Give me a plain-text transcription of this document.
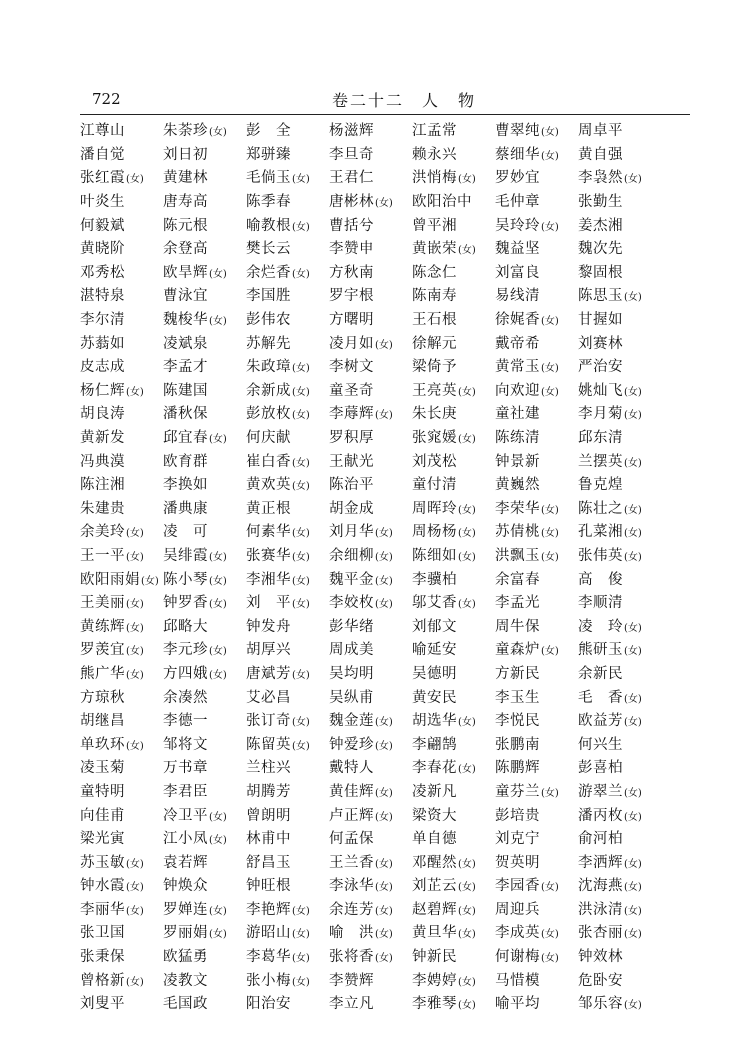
722	卷二十二 人　物
江尊山	朱荼珍(女)	彭　全	杨滋辉	江孟常	曹翠纯(女)	周卓平
潘自觉	刘日初	郑骈臻	李旦奇	赖永兴	蔡细华(女)	黄自强
张红霞(女)	黄建林	毛倘玉(女)	王君仁	洪悄梅(女)	罗妙宜	李袅然(女)
叶炎生	唐寿高	陈季春	唐彬林(女)	欧阳治中	毛仲章	张勤生
何毅斌	陈元根	喻教根(女)	曹括兮	曾平湘	吴玲玲(女)	姜杰湘
黄晓阶	余登高	樊长云	李赞申	黄嵌荣(女)	魏益坚	魏次先
邓秀松	欧旱辉(女)	余烂香(女)	方秋南	陈念仁	刘富良	黎固根
湛特泉	曹泳宜	李国胜	罗宇根	陈南寿	易线清	陈思玉(女)
李尔清	魏梭华(女)	彭伟农	方曙明	王石根	徐娓香(女)	甘握如
苏蓊如	凌斌泉	苏解先	凌月如(女)	徐解元	戴帝希	刘赛林
皮志成	李孟才	朱政璋(女)	李树文	梁倚予	黄常玉(女)	严治安
杨仁辉(女)	陈建国	余新成(女)	童圣奇	王亮英(女)	向欢迎(女)	姚灿飞(女)
胡良涛	潘秋保	彭放枚(女)	李蓐辉(女)	朱长庚	童社建	李月菊(女)
黄新发	邱宜春(女)	何庆献	罗积厚	张窕媛(女)	陈练清	邱东清
冯典漠	欧育群	崔白香(女)	王献光	刘茂松	钟景新	兰摆英(女)
陈注湘	李换如	黄欢英(女)	陈治平	童付清	黄巍然	鲁克煌
朱建贵	潘典康	黄正根	胡金成	周晖玲(女)	李荣华(女)	陈壮之(女)
余美玲(女)	凌　可	何素华(女)	刘月华(女)	周杨杨(女)	苏倩桃(女)	孔菜湘(女)
王一平(女)	吴绯霞(女)	张赛华(女)	余细柳(女)	陈细如(女)	洪飘玉(女)	张伟英(女)
欧阳雨娟(女) 陈小琴(女)	李湘华(女)	魏平金(女)	李骥柏	余富春	高　俊
王美丽(女)	钟罗香(女)	刘　平(女)	李姣枚(女)	邬艾香(女)	李孟光	李顺清
黄练辉(女)	邱略大	钟发舟	彭华绪	刘郁文	周牛保	凌　玲(女)
罗羡宜(女)	李元珍(女)	胡厚兴	周成美	喻延安	童森炉(女)	熊研玉(女)
熊广华(女)	方四娥(女)	唐斌芳(女)	吴均明	吴德明	方新民	余新民
方琼秋	余凑然	艾必昌	吴纵甫	黄安民	李玉生	毛　香(女)
胡继昌	李德一	张订奇(女)	魏金莲(女)	胡选华(女)	李悦民	欧益芳(女)
单玖环(女)	邹将文	陈留英(女)	钟爱珍(女)	李翩鹄	张鹏南	何兴生
凌玉菊	万书章	兰柱兴	戴特人	李春花(女)	陈鹏辉	彭喜柏
童特明	李君臣	胡腾芳	黄佳辉(女)	凌新凡	童芬兰(女)	游翠兰(女)
向佳甫	冷卫平(女)	曾朗明	卢正辉(女)	梁资大	彭培贵	潘丙枚(女)
梁光寅	江小凤(女)	林甫中	何孟保	单自德	刘克宁	俞河柏
苏玉敏(女)	袁若辉	舒昌玉	王兰香(女)	邓醒然(女)	贺英明	李洒辉(女)
钟水霞(女)	钟焕众	钟旺根	李泳华(女)	刘芷云(女)	李园香(女)	沈海燕(女)
李丽华(女)	罗婵连(女)	李艳辉(女)	余连芳(女)	赵碧辉(女)	周迎兵	洪泳清(女)
张卫国	罗丽娟(女)	游昭山(女)	喻　洪(女)	黄旦华(女)	李成英(女)	张杏丽(女)
张秉保	欧猛勇	李葛华(女)	张将香(女)	钟新民	何谢梅(女)	钟效林
曾格新(女)	凌教文	张小梅(女)	李赞辉	李娉婷(女)	马惜模	危卧安
刘叟平	毛国政	阳治安	李立凡	李雅琴(女)	喻平均	邹乐容(女)
